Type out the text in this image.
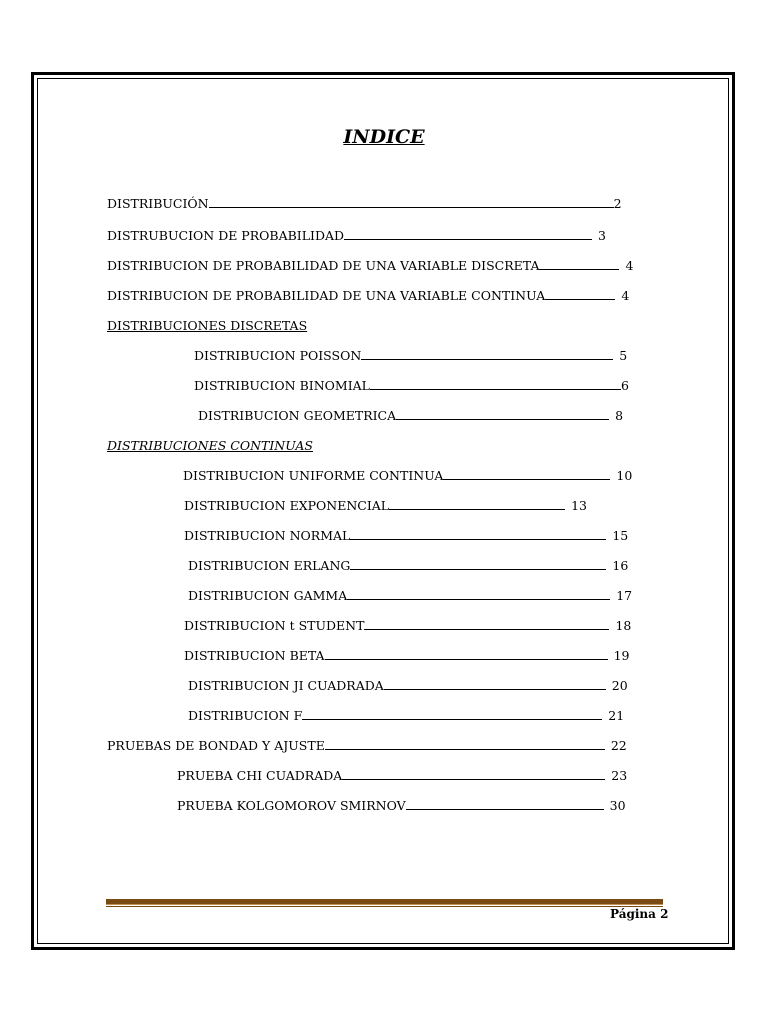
INDICE
DISTRIBUCIÓN	2
DISTRUBUCION DE PROBABILIDAD	3
DISTRIBUCION DE PROBABILIDAD DE UNA VARIABLE DISCRETA	4
DISTRIBUCION DE PROBABILIDAD DE UNA VARIABLE CONTINUA	4
DISTRIBUCIONES DISCRETAS
DISTRIBUCION POISSON	5
DISTRIBUCION BINOMIAL	6
DISTRIBUCION GEOMETRICA	8
DISTRIBUCIONES CONTINUAS
DISTRIBUCION UNIFORME CONTINUA	10
DISTRIBUCION EXPONENCIAL	13
DISTRIBUCION NORMAL	15
DISTRIBUCION ERLANG	16
DISTRIBUCION GAMMA	17
DISTRIBUCION t STUDENT	18
DISTRIBUCION BETA	19
DISTRIBUCION JI CUADRADA	20
DISTRIBUCION F	21
PRUEBAS DE BONDAD Y AJUSTE	22
PRUEBA CHI CUADRADA	23
PRUEBA KOLGOMOROV SMIRNOV	30
Página 2
